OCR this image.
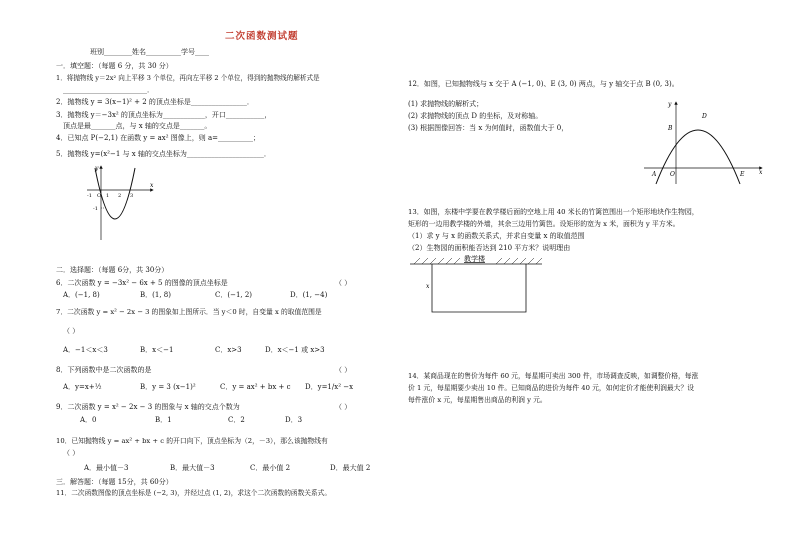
二次函数测试题
班别________姓名__________学号____
一．填空题：（每题 6 分，共 30 分）
1．将抛物线 y＝2x² 向上平移 3 个单位，再向左平移 2 个单位，得到的抛物线的解析式是
________________________．
2．抛物线 y = 3(x−1)² + 2 的顶点坐标是________________．
3．抛物线 y＝−3x² 的顶点坐标为____________，开口___________，
顶点是最_______点，与 x 轴的交点是_______。
4．已知点 P(−2,1) 在函数 y = ax² 图像上，则 a=__________；
5．抛物线 y=(x²−1 与 x 轴的交点坐标为______________________．
y
x
O
-1	1 2 3
-1
二．选择题：（每题 6分，共 30分）
6．二次函数 y = −3x² − 6x + 5 的图像的顶点坐标是	（ ）
A．(−1, 8)	B．(1, 8)	C．(−1, 2)	D．(1, −4)
7．二次函数 y = x² − 2x − 3 的图象如上图所示．当 y＜0 时，自变量 x 的取值范围是
（ ）
A．−1＜x＜3	B．x＜−1	C．x>3	D．x＜−1 或 x>3
8．下列函数中是二次函数的是	（ ）
A．y=x+½	B．y = 3 (x−1)²	C．y = ax² + bx + c D．y=1/x² −x
9．二次函数 y = x² − 2x − 3 的图象与 x 轴的交点个数为	（ ）
A．0	B．1	C．2	D．3
10．已知抛物线 y = ax² + bx + c 的开口向下，顶点坐标为（2，－3），那么该抛物线有
（ ）
A．最小值－3	B．最大值－3	C．最小值 2	D．最大值 2
三．解答题：（每题 15分，共 60分）
11．二次函数图像的顶点坐标是 (−2, 3)，并经过点 (1, 2)，求这个二次函数的函数关系式。
12．如图，已知抛物线与 x 交于 A (−1, 0)、E (3, 0) 两点，与 y 轴交于点 B (0, 3)。
(1) 求抛物线的解析式；
(2) 求抛物线的顶点 D 的坐标，及对称轴。
(3) 根据图像回答：当 x 为何值时，函数值大于 0，
y
x
A O
B
D
E
13．如图，东楼中学要在教学楼后面的空地上用 40 米长的竹篱笆围出一个矩形地块作生物园，
矩形的一边用教学楼的外墙，其余三边用竹篱笆。设矩形的宽为 x 米，面积为 y 平方米。
（1）求 y 与 x 的函数关系式，并求自变量 x 的取值范围
（2）生物园的面积能否达到 210 平方米？说明理由
教学楼
x
14．某商品现在的售价为每件 60 元，每星期可卖出 300 件，市场调查反映，如调整价格，每涨
价 1 元，每星期要少卖出 10 件。已知商品的进价为每件 40 元，如何定价才能使利润最大？设
每件涨价 x 元，每星期售出商品的利润 y 元。
